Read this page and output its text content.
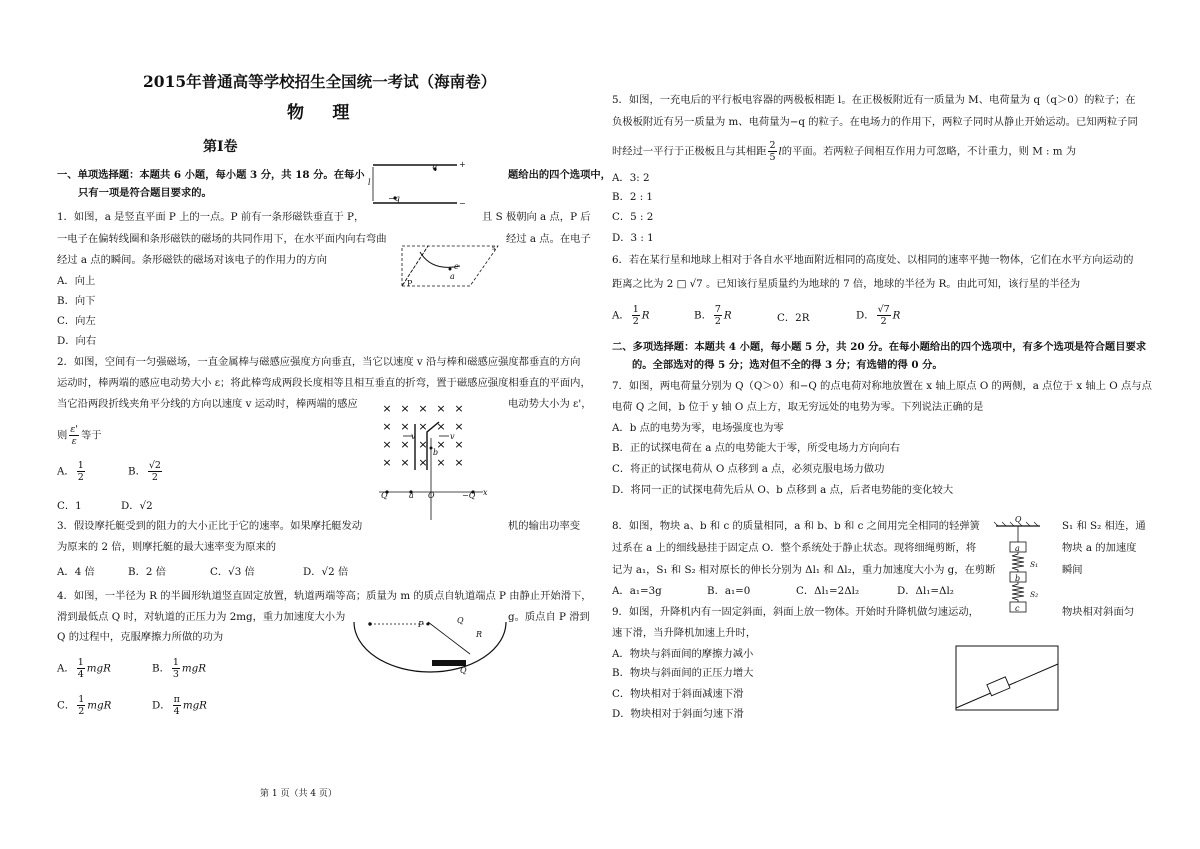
2015年普通高等学校招生全国统一考试（海南卷）
物 理
第I卷
一、单项选择题：本题共 6 小题，每小题 3 分，共 18 分。在每小	题给出的四个选项中，
只有一项是符合题目要求的。
q
−q
l
+
−
1．如图，a 是竖直平面 P 上的一点。P 前有一条形磁铁垂直于 P，	且 S 极朝向 a 点，P 后
一电子在偏转线圈和条形磁铁的磁场的共同作用下，在水平面内向右弯曲	经过 a 点。在电子
经过 a 点的瞬间。条形磁铁的磁场对该电子的作用力的方向
P
a
e
s
A．向上
B．向下
C．向左
D．向右
2．如图，空间有一匀强磁场，一直金属棒与磁感应强度方向垂直，当它以速度 v 沿与棒和磁感应强度都垂直的方向
运动时，棒两端的感应电动势大小 ε；将此棒弯成两段长度相等且相互垂直的折弯，置于磁感应强度相垂直的平面内，
当它沿两段折线夹角平分线的方向以速度 v 运动时，棒两端的感应	电动势大小为 ε'，
则 $\frac{\varepsilon'}{\varepsilon}$ 等于
A． $\frac{1}{2}$	B． $\frac{√2}{2}$
C．1	D．√2
× × × × ×
× × × × ×
× × × × ×
× × × × ×
v	v
b
Q	a O	−Q x
3．假设摩托艇受到的阻力的大小正比于它的速率。如果摩托艇发动	机的输出功率变
为原来的 2 倍，则摩托艇的最大速率变为原来的
A．4 倍	B．2 倍	C．√3 倍	D．√2 倍
4．如图，一半径为 R 的半圆形轨道竖直固定放置，轨道两端等高；质量为 m 的质点自轨道端点 P 由静止开始滑下，
滑到最低点 Q 时，对轨道的正压力为 2mg，重力加速度大小为	g。质点自 P 滑到
Q 的过程中，克服摩擦力所做的功为
P	Q
Q
R
A． $\frac{1}{4}$ mgR	B． $\frac{1}{3}$ mgR
C． $\frac{1}{2}$ mgR	D． $\frac{\pi}{4}$ mgR
5．如图，一充电后的平行板电容器的两极板相距 l。在正极板附近有一质量为 M、电荷量为 q（q＞0）的粒子；在
负极板附近有另一质量为 m、电荷量为−q 的粒子。在电场力的作用下，两粒子同时从静止开始运动。已知两粒子同
时经过一平行于正极板且与其相距 $\frac{2}{5}$ l的平面。若两粒子间相互作用力可忽略，不计重力，则 M : m 为
A．3: 2
B．2 : 1
C．5 : 2
D．3 : 1
6．若在某行星和地球上相对于各自水平地面附近相同的高度处、以相同的速率平抛一物体，它们在水平方向运动的
距离之比为 2 □ √7 。已知该行星质量约为地球的 7 倍，地球的半径为 R。由此可知，该行星的半径为
A． $\frac{1}{2}$ R	B． $\frac{7}{2}$ R	C．2R	D． $\frac{√7}{2}$ R
二、多项选择题：本题共 4 小题，每小题 5 分，共 20 分。在每小题给出的四个选项中，有多个选项是符合题目要求
的。全部选对的得 5 分；选对但不全的得 3 分；有选错的得 0 分。
7．如图，两电荷量分别为 Q（Q＞0）和−Q 的点电荷对称地放置在 x 轴上原点 O 的两侧，a 点位于 x 轴上 O 点与点
电荷 Q 之间，b 位于 y 轴 O 点上方，取无穷远处的电势为零。下列说法正确的是
A．b 点的电势为零，电场强度也为零
B．正的试探电荷在 a 点的电势能大于零，所受电场力方向向右
C．将正的试探电荷从 O 点移到 a 点，必须克服电场力做功
D．将同一正的试探电荷先后从 O、b 点移到 a 点，后者电势能的变化较大
8．如图，物块 a、b 和 c 的质量相同，a 和 b、b 和 c 之间用完全相同的轻弹簧	S₁ 和 S₂ 相连，通
过系在 a 上的细线悬挂于固定点 O．整个系统处于静止状态。现将细绳剪断，将	物块 a 的加速度
记为 a₁，S₁ 和 S₂ 相对原长的伸长分别为 Δl₁ 和 Δl₂，重力加速度大小为 g，在剪断	瞬间
A．a₁=3g	B．a₁=0	C．Δl₁=2Δl₂	D．Δl₁=Δl₂
O
a
b
c
S₁
S₂
9．如图，升降机内有一固定斜面，斜面上放一物体。开始时升降机做匀速运动，	物块相对斜面匀
速下滑，当升降机加速上升时，
A．物块与斜面间的摩擦力减小
B．物块与斜面间的正压力增大
C．物块相对于斜面减速下滑
D．物块相对于斜面匀速下滑
第 1 页（共 4 页）
